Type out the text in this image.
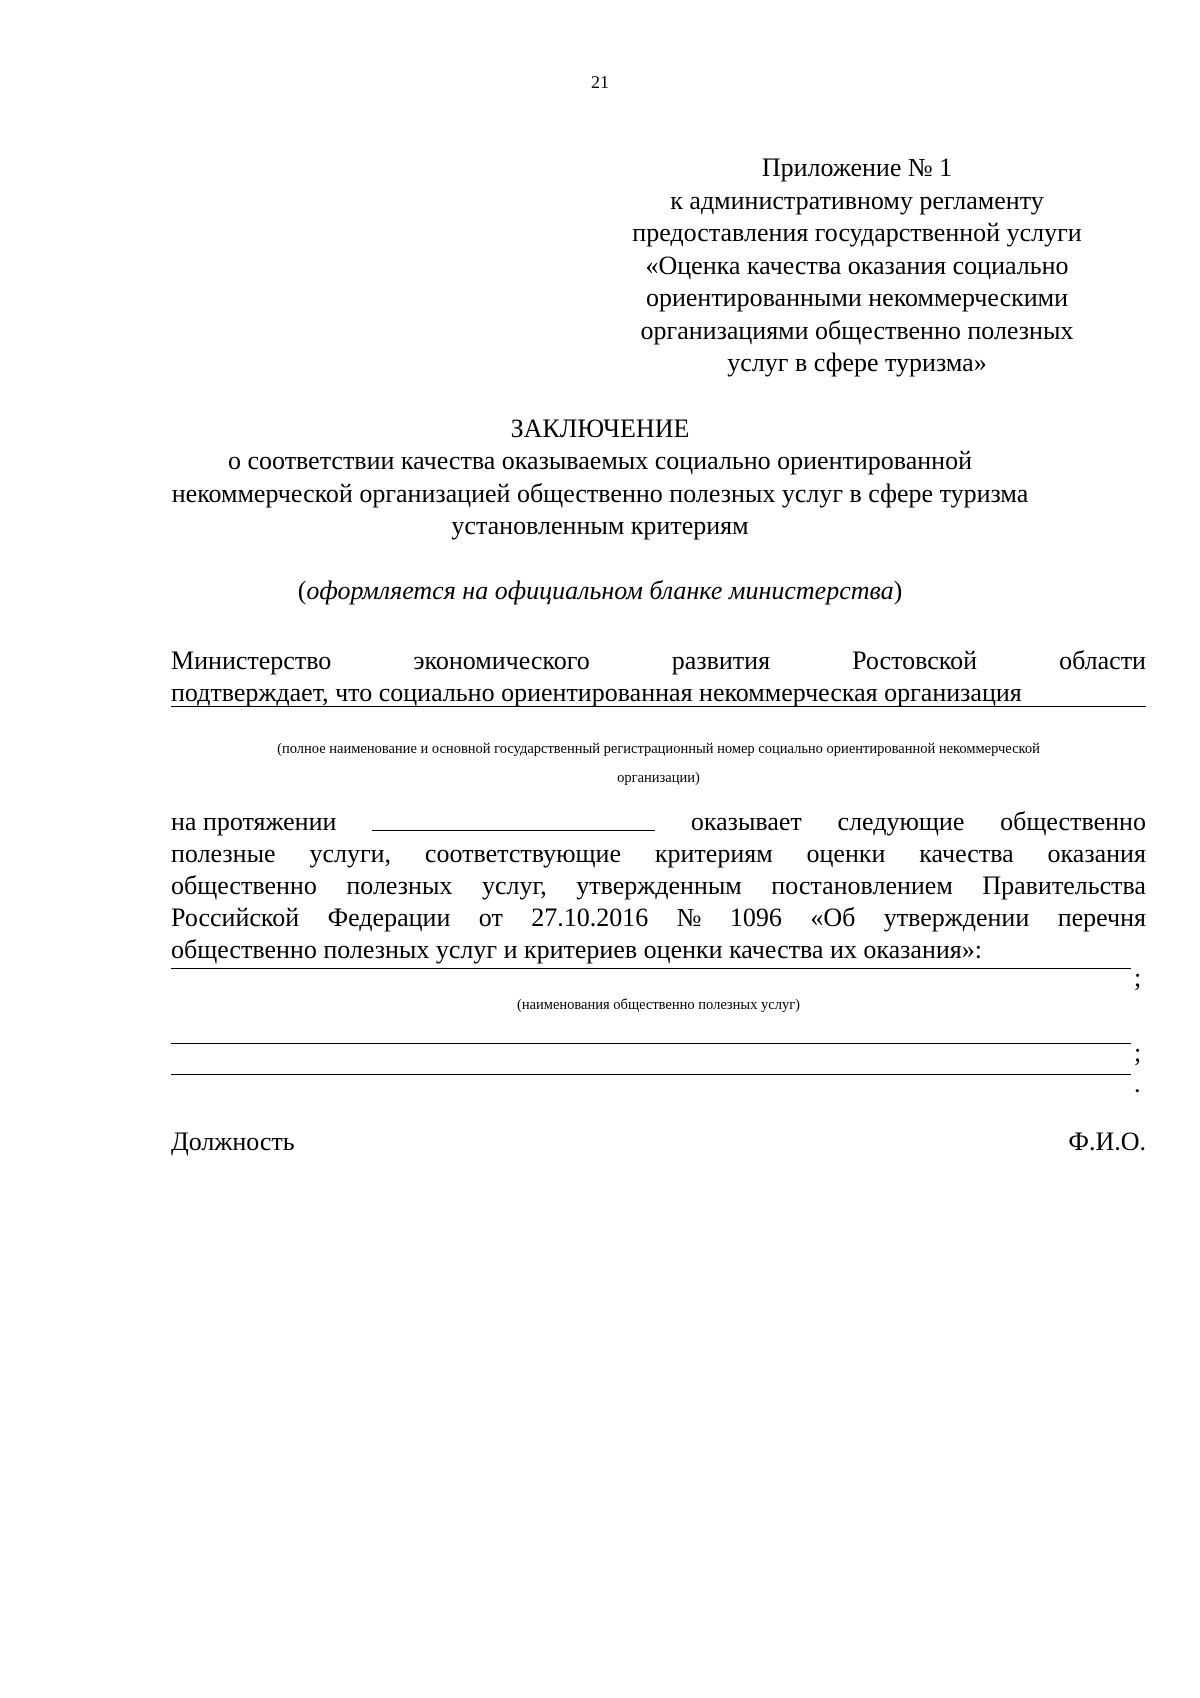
21
Приложение № 1
к административному регламенту
предоставления государственной услуги
«Оценка качества оказания социально
ориентированными некоммерческими
организациями общественно полезных
услуг в сфере туризма»
ЗАКЛЮЧЕНИЕ
о соответствии качества оказываемых социально ориентированной
некоммерческой организацией общественно полезных услуг в сфере туризма
установленным критериям
(оформляется на официальном бланке министерства)
Министерство	экономического	развития	Ростовской	области
подтверждает, что социально ориентированная некоммерческая организация
(полное наименование и основной государственный регистрационный номер социально ориентированной некоммерческой
организации)
на протяжении	оказывает следующие общественно
полезные услуги, соответствующие критериям оценки качества оказания
общественно полезных услуг, утвержденным постановлением Правительства
Российской Федерации от 27.10.2016 № 1096 «Об утверждении перечня
общественно полезных услуг и критериев оценки качества их оказания»:
;
(наименования общественно полезных услуг)
;
.
Должность	Ф.И.О.
